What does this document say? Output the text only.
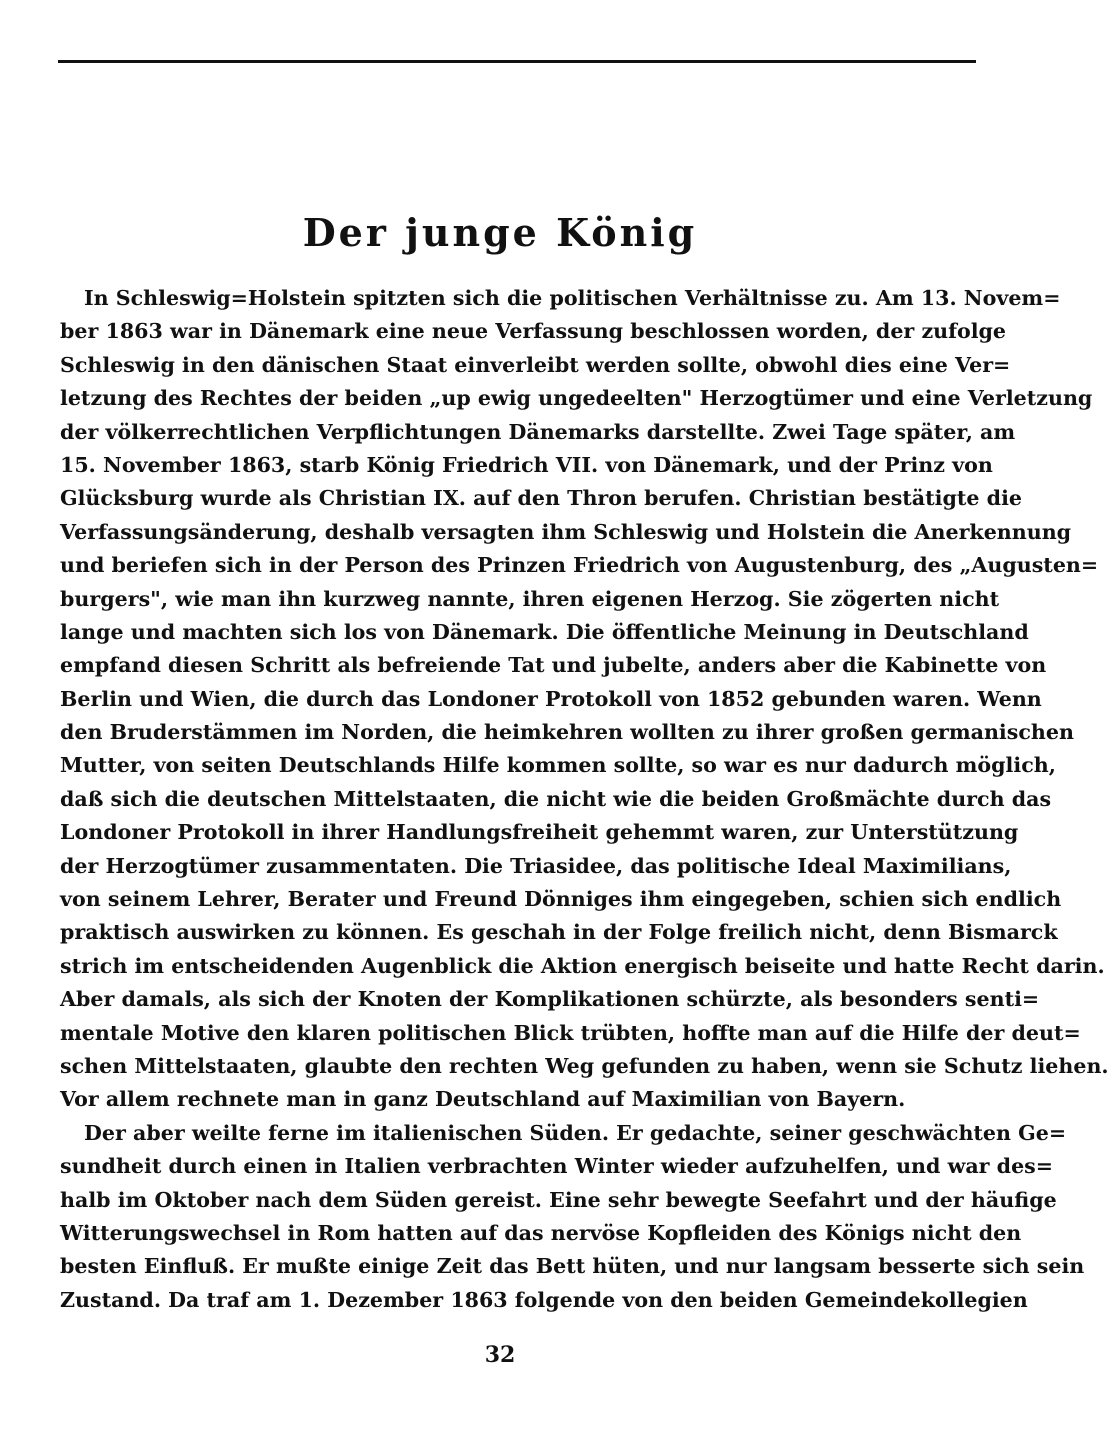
Der junge König
In Schleswig=Holstein spitzten sich die politischen Verhältnisse zu. Am 13. Novem=
ber 1863 war in Dänemark eine neue Verfassung beschlossen worden, der zufolge
Schleswig in den dänischen Staat einverleibt werden sollte, obwohl dies eine Ver=
letzung des Rechtes der beiden „up ewig ungedeelten" Herzogtümer und eine Verletzung
der völkerrechtlichen Verpflichtungen Dänemarks darstellte. Zwei Tage später, am
15. November 1863, starb König Friedrich VII. von Dänemark, und der Prinz von
Glücksburg wurde als Christian IX. auf den Thron berufen. Christian bestätigte die
Verfassungsänderung, deshalb versagten ihm Schleswig und Holstein die Anerkennung
und beriefen sich in der Person des Prinzen Friedrich von Augustenburg, des „Augusten=
burgers", wie man ihn kurzweg nannte, ihren eigenen Herzog. Sie zögerten nicht
lange und machten sich los von Dänemark. Die öffentliche Meinung in Deutschland
empfand diesen Schritt als befreiende Tat und jubelte, anders aber die Kabinette von
Berlin und Wien, die durch das Londoner Protokoll von 1852 gebunden waren. Wenn
den Bruderstämmen im Norden, die heimkehren wollten zu ihrer großen germanischen
Mutter, von seiten Deutschlands Hilfe kommen sollte, so war es nur dadurch möglich,
daß sich die deutschen Mittelstaaten, die nicht wie die beiden Großmächte durch das
Londoner Protokoll in ihrer Handlungsfreiheit gehemmt waren, zur Unterstützung
der Herzogtümer zusammentaten. Die Triasidee, das politische Ideal Maximilians,
von seinem Lehrer, Berater und Freund Dönniges ihm eingegeben, schien sich endlich
praktisch auswirken zu können. Es geschah in der Folge freilich nicht, denn Bismarck
strich im entscheidenden Augenblick die Aktion energisch beiseite und hatte Recht darin.
Aber damals, als sich der Knoten der Komplikationen schürzte, als besonders senti=
mentale Motive den klaren politischen Blick trübten, hoffte man auf die Hilfe der deut=
schen Mittelstaaten, glaubte den rechten Weg gefunden zu haben, wenn sie Schutz liehen.
Vor allem rechnete man in ganz Deutschland auf Maximilian von Bayern.
Der aber weilte ferne im italienischen Süden. Er gedachte, seiner geschwächten Ge=
sundheit durch einen in Italien verbrachten Winter wieder aufzuhelfen, und war des=
halb im Oktober nach dem Süden gereist. Eine sehr bewegte Seefahrt und der häufige
Witterungswechsel in Rom hatten auf das nervöse Kopfleiden des Königs nicht den
besten Einfluß. Er mußte einige Zeit das Bett hüten, und nur langsam besserte sich sein
Zustand. Da traf am 1. Dezember 1863 folgende von den beiden Gemeindekollegien
32
